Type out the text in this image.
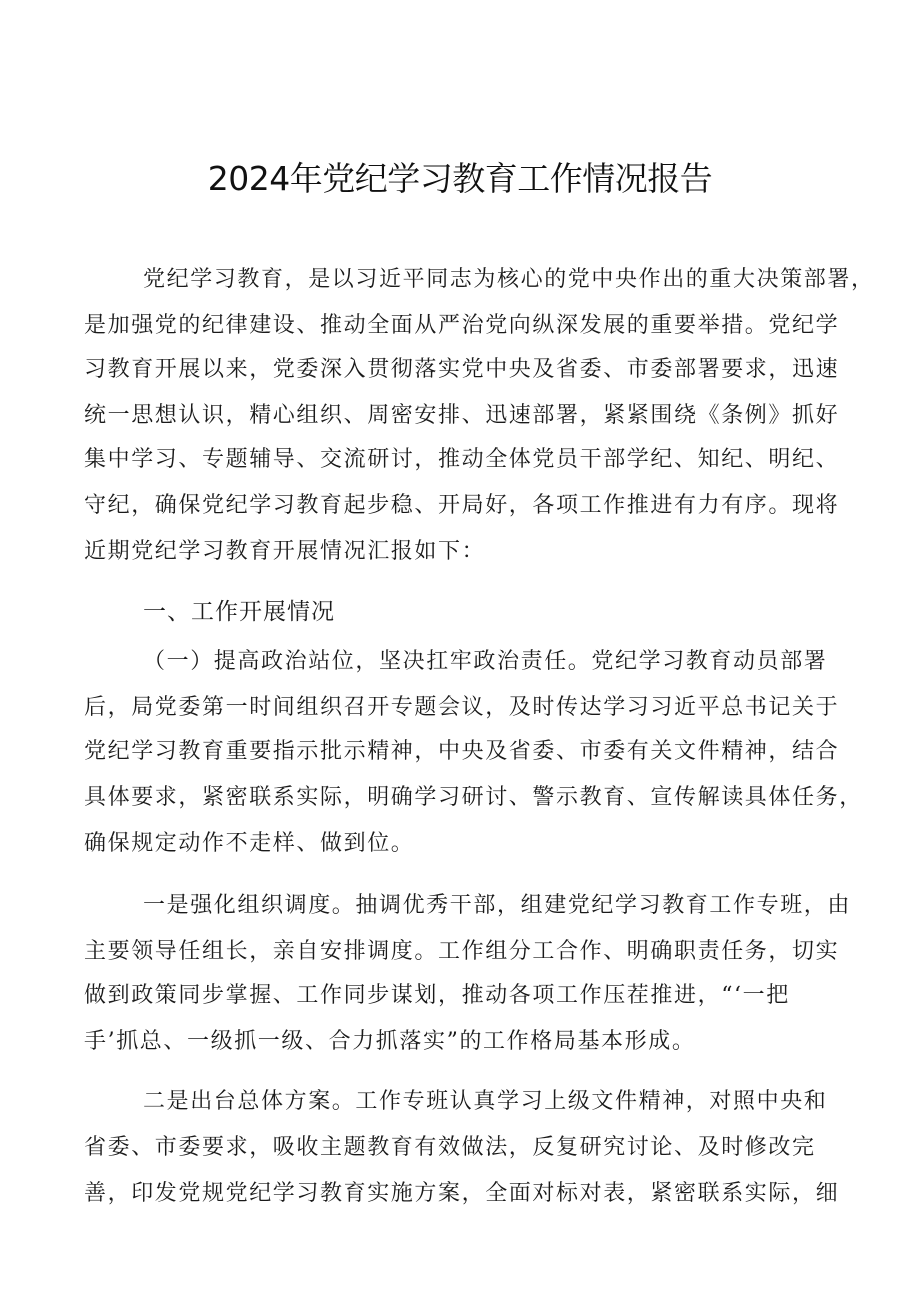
2024年党纪学习教育工作情况报告
党纪学习教育，是以习近平同志为核心的党中央作出的重大决策部署，
是加强党的纪律建设、推动全面从严治党向纵深发展的重要举措。党纪学
习教育开展以来，党委深入贯彻落实党中央及省委、市委部署要求，迅速
统一思想认识，精心组织、周密安排、迅速部署，紧紧围绕《条例》抓好
集中学习、专题辅导、交流研讨，推动全体党员干部学纪、知纪、明纪、
守纪，确保党纪学习教育起步稳、开局好，各项工作推进有力有序。现将
近期党纪学习教育开展情况汇报如下：
一、工作开展情况
（一）提高政治站位，坚决扛牢政治责任。党纪学习教育动员部署
后，局党委第一时间组织召开专题会议，及时传达学习习近平总书记关于
党纪学习教育重要指示批示精神，中央及省委、市委有关文件精神，结合
具体要求，紧密联系实际，明确学习研讨、警示教育、宣传解读具体任务，
确保规定动作不走样、做到位。
一是强化组织调度。抽调优秀干部，组建党纪学习教育工作专班，由
主要领导任组长，亲自安排调度。工作组分工合作、明确职责任务，切实
做到政策同步掌握、工作同步谋划，推动各项工作压茬推进，“‘一把
手’抓总、一级抓一级、合力抓落实”的工作格局基本形成。
二是出台总体方案。工作专班认真学习上级文件精神，对照中央和
省委、市委要求，吸收主题教育有效做法，反复研究讨论、及时修改完
善，印发党规党纪学习教育实施方案，全面对标对表，紧密联系实际，细
